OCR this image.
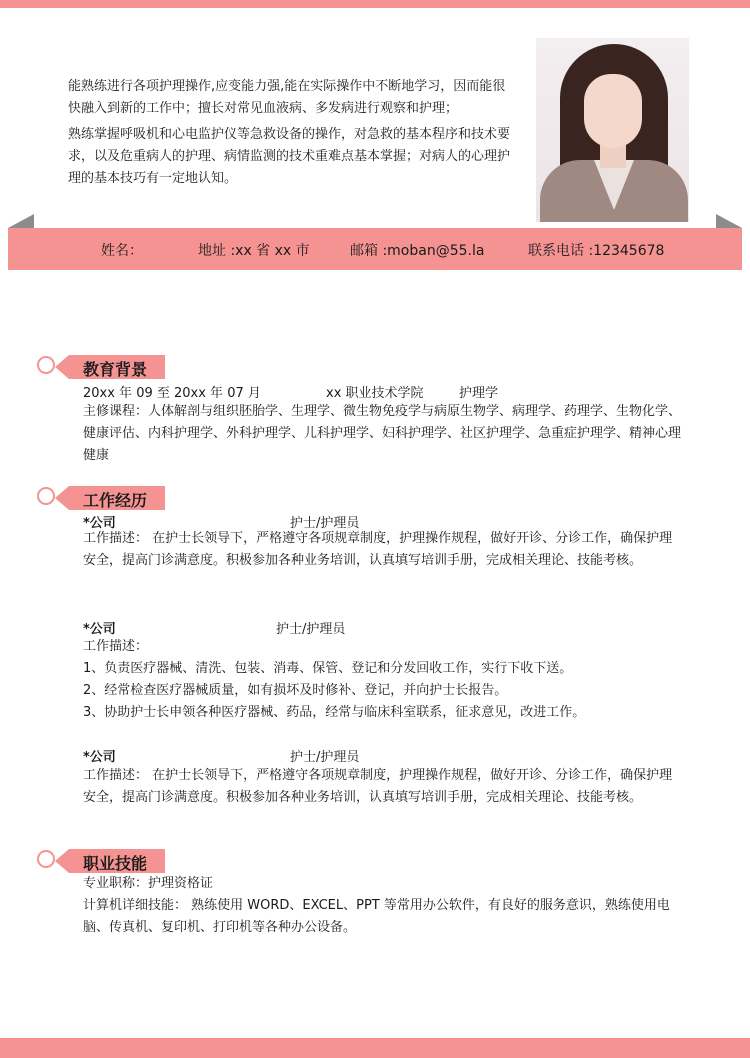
能熟练进行各项护理操作,应变能力强,能在实际操作中不断地学习，因而能很快融入到新的工作中；擅长对常见血液病、多发病进行观察和护理；

熟练掌握呼吸机和心电监护仪等急救设备的操作，对急救的基本程序和技术要求，以及危重病人的护理、病情监测的技术重难点基本掌握；对病人的心理护理的基本技巧有一定地认知。

姓名：	地址 :xx 省 xx 市	邮箱 :moban@55.la	联系电话 :12345678
教育背景
20xx 年 09 至 20xx 年 07 月	xx 职业技术学院	护理学
主修课程：人体解剖与组织胚胎学、生理学、微生物免疫学与病原生物学、病理学、药理学、生物化学、健康评估、内科护理学、外科护理学、儿科护理学、妇科护理学、社区护理学、急重症护理学、精神心理健康
工作经历
*公司	护士/护理员
工作描述： 在护士长领导下，严格遵守各项规章制度，护理操作规程，做好开诊、分诊工作，确保护理安全，提高门诊满意度。积极参加各种业务培训，认真填写培训手册，完成相关理论、技能考核。
*公司	护士/护理员
工作描述：
1、负责医疗器械、清洗、包装、消毒、保管、登记和分发回收工作，实行下收下送。
2、经常检查医疗器械质量，如有损坏及时修补、登记，并向护士长报告。
3、协助护士长申领各种医疗器械、药品，经常与临床科室联系，征求意见，改进工作。
*公司	护士/护理员
工作描述： 在护士长领导下，严格遵守各项规章制度，护理操作规程，做好开诊、分诊工作，确保护理安全，提高门诊满意度。积极参加各种业务培训，认真填写培训手册，完成相关理论、技能考核。
职业技能
专业职称：护理资格证
计算机详细技能： 熟练使用 WORD、EXCEL、PPT 等常用办公软件，有良好的服务意识，熟练使用电脑、传真机、复印机、打印机等各种办公设备。
